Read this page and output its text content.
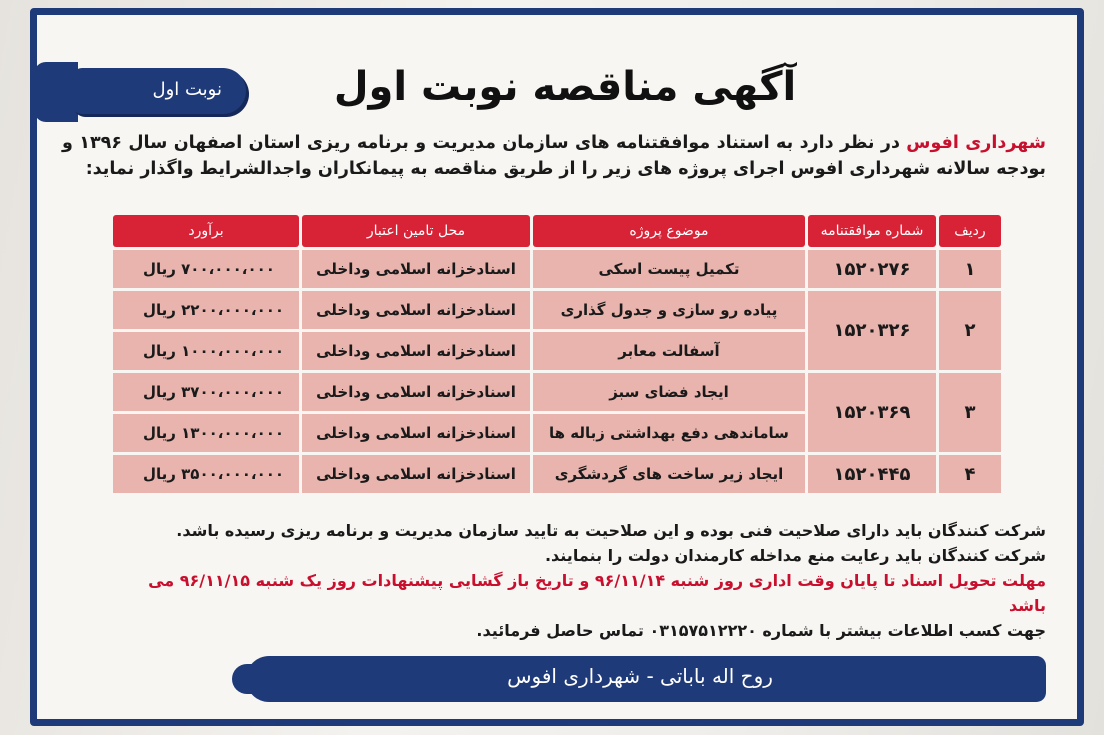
نوبت اول	آگهی مناقصه نوبت اول
شهرداری افوس در نظر دارد به استناد موافقتنامه های سازمان مدیریت و برنامه ریزی استان اصفهان سال ۱۳۹۶ و بودجه سالانه شهرداری افوس اجرای پروژه های زیر را از طریق مناقصه به پیمانکاران واجدالشرایط واگذار نماید:
ردیف	شماره موافقتنامه	موضوع پروژه	محل تامین اعتبار	برآورد
۱	۱۵۲۰۲۷۶	تکمیل پیست اسکی	اسنادخزانه اسلامی وداخلی	۷۰۰،۰۰۰،۰۰۰ ریال
۲	۱۵۲۰۳۲۶	پیاده رو سازی و جدول گذاری	اسنادخزانه اسلامی وداخلی	۲۲۰۰،۰۰۰،۰۰۰ ریال
		آسفالت معابر	اسنادخزانه اسلامی وداخلی	۱۰۰۰،۰۰۰،۰۰۰ ریال
۳	۱۵۲۰۳۶۹	ایجاد فضای سبز	اسنادخزانه اسلامی وداخلی	۳۷۰۰،۰۰۰،۰۰۰ ریال
		ساماندهی دفع بهداشتی زباله ها	اسنادخزانه اسلامی وداخلی	۱۳۰۰،۰۰۰،۰۰۰ ریال
۴	۱۵۲۰۴۴۵	ایجاد زیر ساخت های گردشگری	اسنادخزانه اسلامی وداخلی	۳۵۰۰،۰۰۰،۰۰۰ ریال
شرکت کنندگان باید دارای صلاحیت فنی بوده و این صلاحیت به تایید سازمان مدیریت و برنامه ریزی رسیده باشد.
شرکت کنندگان باید رعایت منع مداخله کارمندان دولت را بنمایند.
مهلت تحویل اسناد تا پایان وقت اداری روز شنبه ۹۶/۱۱/۱۴ و تاریخ باز گشایی پیشنهادات روز یک شنبه ۹۶/۱۱/۱۵ می باشد
جهت کسب اطلاعات بیشتر با شماره ۰۳۱۵۷۵۱۲۲۲۰ تماس حاصل فرمائید.
روح اله باباتی - شهرداری افوس
